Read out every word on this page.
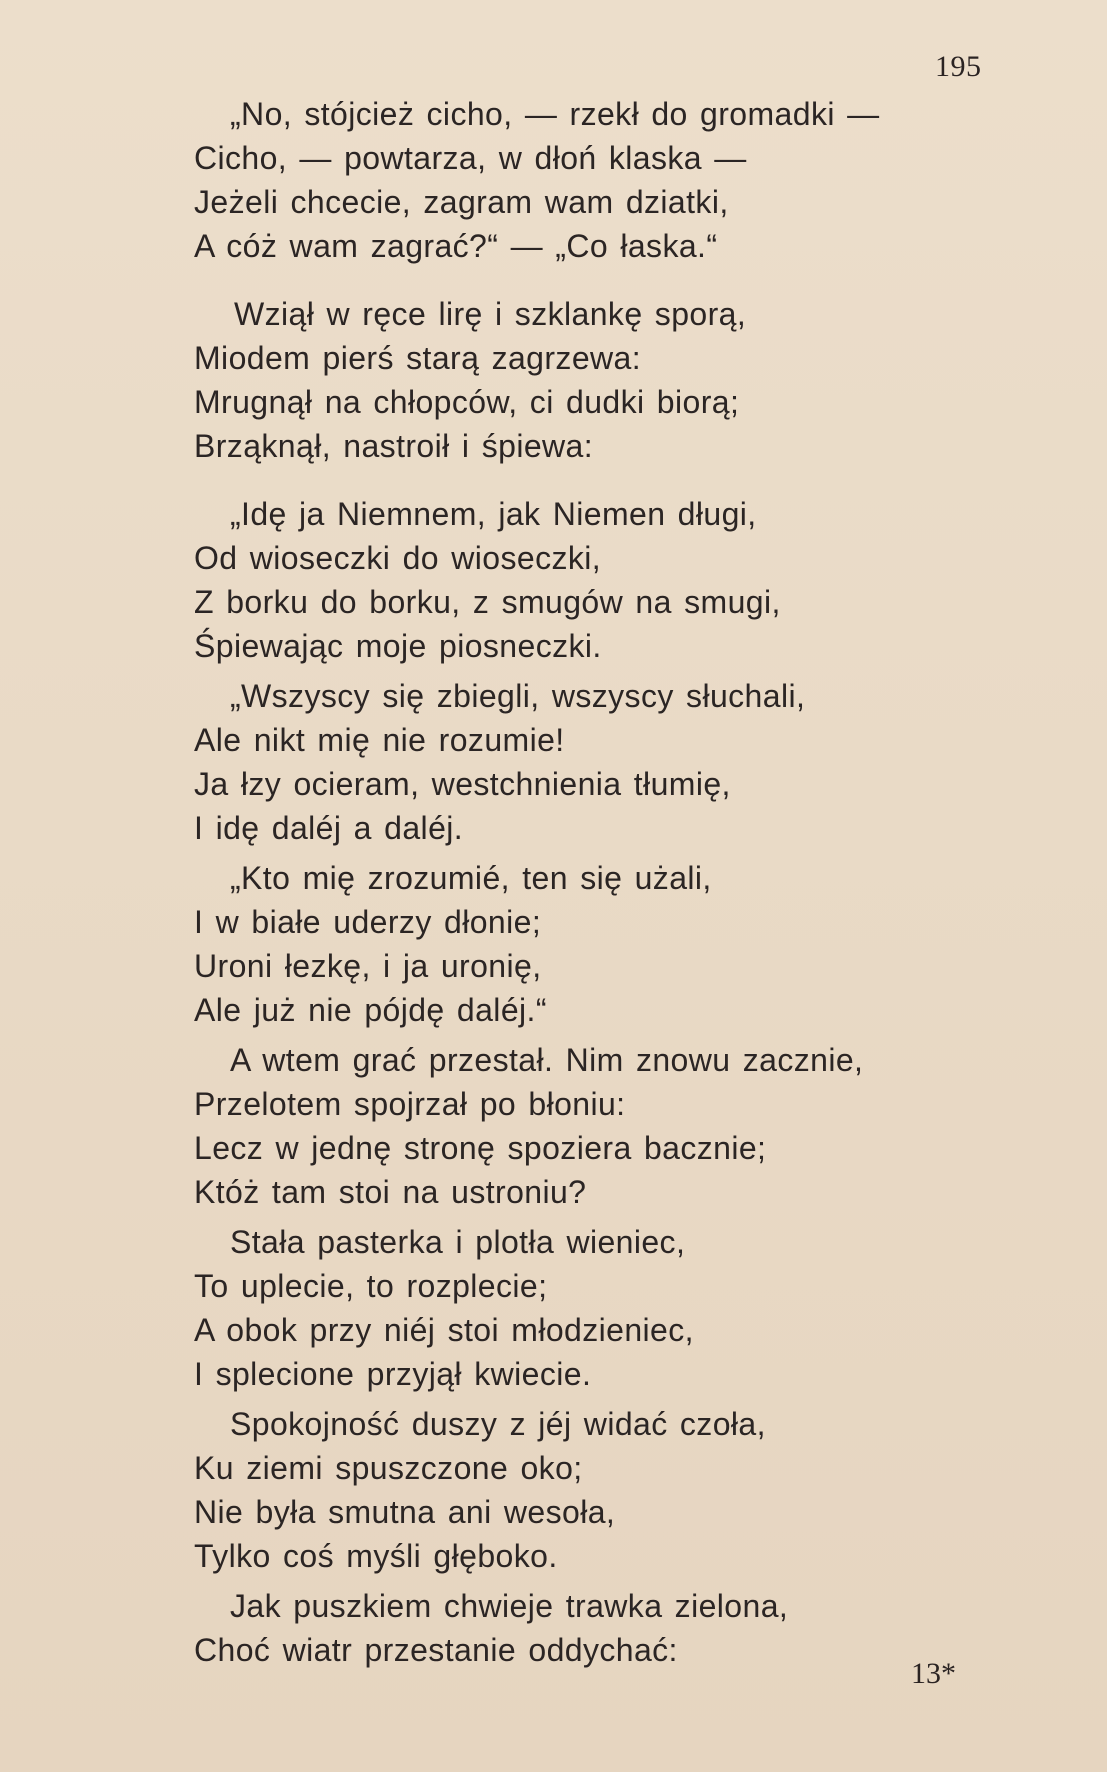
195
„No, stójcież cicho, — rzekł do gromadki —
Cicho, — powtarza, w dłoń klaska —
Jeżeli chcecie, zagram wam dziatki,
A cóż wam zagrać?“ — „Co łaska.“
Wziął w ręce lirę i szklankę sporą,
Miodem pierś starą zagrzewa:
Mrugnął na chłopców, ci dudki biorą;
Brząknął, nastroił i śpiewa:
„Idę ja Niemnem, jak Niemen długi,
Od wioseczki do wioseczki,
Z borku do borku, z smugów na smugi,
Śpiewając moje piosneczki.
„Wszyscy się zbiegli, wszyscy słuchali,
Ale nikt mię nie rozumie!
Ja łzy ocieram, westchnienia tłumię,
I idę daléj a daléj.
„Kto mię zrozumié, ten się użali,
I w białe uderzy dłonie;
Uroni łezkę, i ja uronię,
Ale już nie pójdę daléj.“
A wtem grać przestał. Nim znowu zacznie,
Przelotem spojrzał po błoniu:
Lecz w jednę stronę spoziera bacznie;
Któż tam stoi na ustroniu?
Stała pasterka i plotła wieniec,
To uplecie, to rozplecie;
A obok przy niéj stoi młodzieniec,
I splecione przyjął kwiecie.
Spokojność duszy z jéj widać czoła,
Ku ziemi spuszczone oko;
Nie była smutna ani wesoła,
Tylko coś myśli głęboko.
Jak puszkiem chwieje trawka zielona,
Choć wiatr przestanie oddychać:
13*
